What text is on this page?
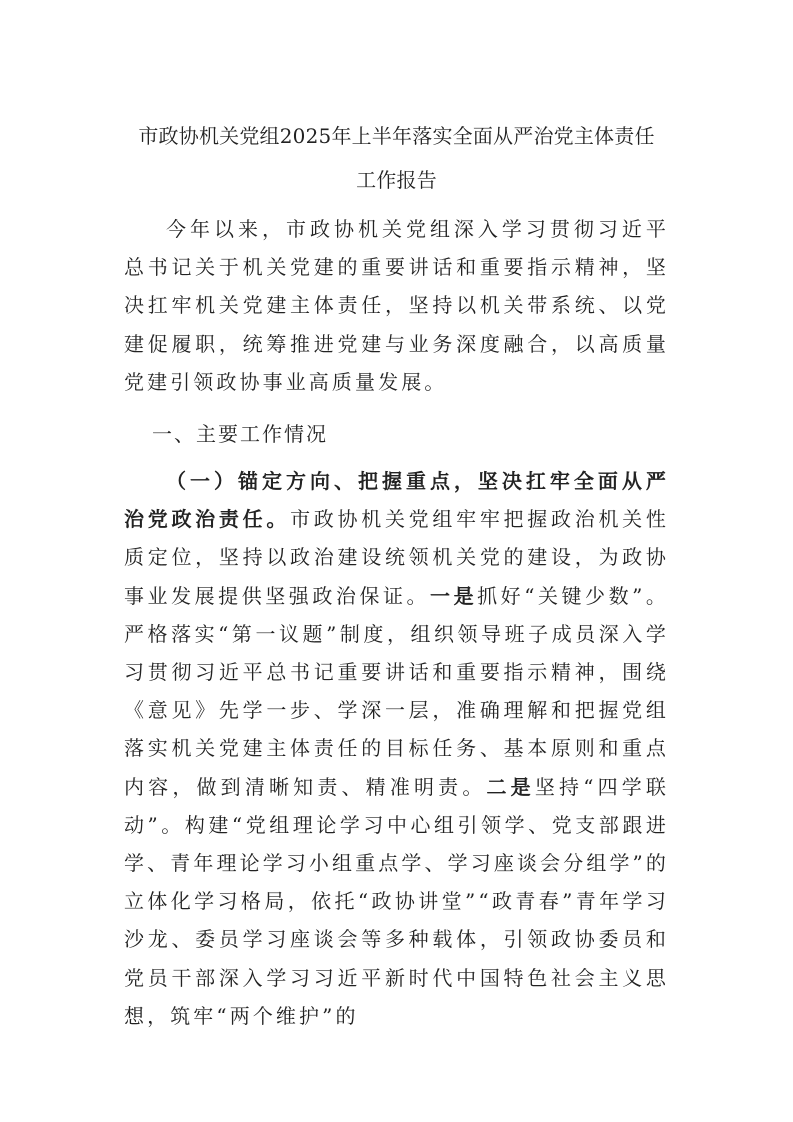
市政协机关党组2025年上半年落实全面从严治党主体责任
工作报告

今年以来，市政协机关党组深入学习贯彻习近平总书记关于机关党建的重要讲话和重要指示精神，坚决扛牢机关党建主体责任，坚持以机关带系统、以党建促履职，统筹推进党建与业务深度融合，以高质量党建引领政协事业高质量发展。

一、主要工作情况

（一）锚定方向、把握重点，坚决扛牢全面从严治党政治责任。市政协机关党组牢牢把握政治机关性质定位，坚持以政治建设统领机关党的建设，为政协事业发展提供坚强政治保证。一是抓好“关键少数”。严格落实“第一议题”制度，组织领导班子成员深入学习贯彻习近平总书记重要讲话和重要指示精神，围绕《意见》先学一步、学深一层，准确理解和把握党组落实机关党建主体责任的目标任务、基本原则和重点内容，做到清晰知责、精准明责。二是坚持“四学联动”。构建“党组理论学习中心组引领学、党支部跟进学、青年理论学习小组重点学、学习座谈会分组学”的立体化学习格局，依托“政协讲堂”“政青春”青年学习沙龙、委员学习座谈会等多种载体，引领政协委员和党员干部深入学习习近平新时代中国特色社会主义思想，筑牢“两个维护”的
